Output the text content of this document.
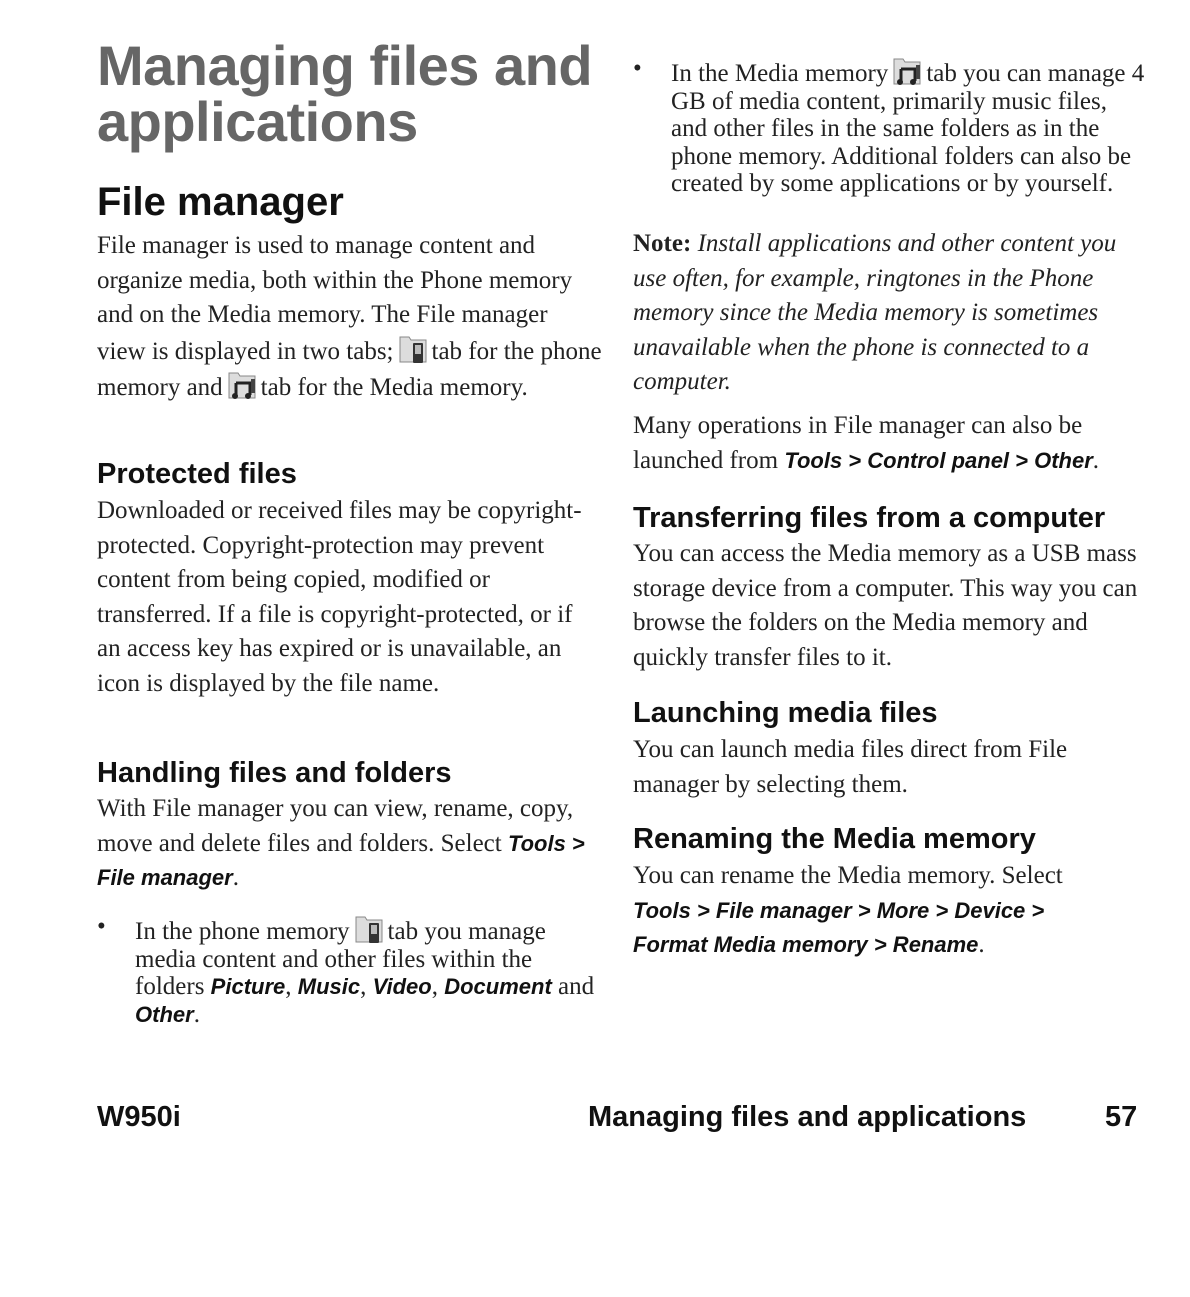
Managing files and
applications
File manager
File manager is used to manage content and organize media, both within the Phone memory and on the Media memory. The File manager view is displayed in two tabs; tab for the phone memory and tab for the Media memory.
Protected files
Downloaded or received files may be copyright-protected. Copyright-protection may prevent content from being copied, modified or transferred. If a file is copyright-protected, or if an access key has expired or is unavailable, an icon is displayed by the file name.
Handling files and folders
With File manager you can view, rename, copy, move and delete files and folders. Select Tools > File manager.
• In the phone memory tab you manage media content and other files within the folders Picture, Music, Video, Document and Other.
• In the Media memory tab you can manage 4 GB of media content, primarily music files, and other files in the same folders as in the phone memory. Additional folders can also be created by some applications or by yourself.
Note: Install applications and other content you use often, for example, ringtones in the Phone memory since the Media memory is sometimes unavailable when the phone is connected to a computer.
Many operations in File manager can also be launched from Tools > Control panel > Other.
Transferring files from a computer
You can access the Media memory as a USB mass storage device from a computer. This way you can browse the folders on the Media memory and quickly transfer files to it.
Launching media files
You can launch media files direct from File manager by selecting them.
Renaming the Media memory
You can rename the Media memory. Select Tools > File manager > More > Device > Format Media memory > Rename.
W950i	Managing files and applications	57
